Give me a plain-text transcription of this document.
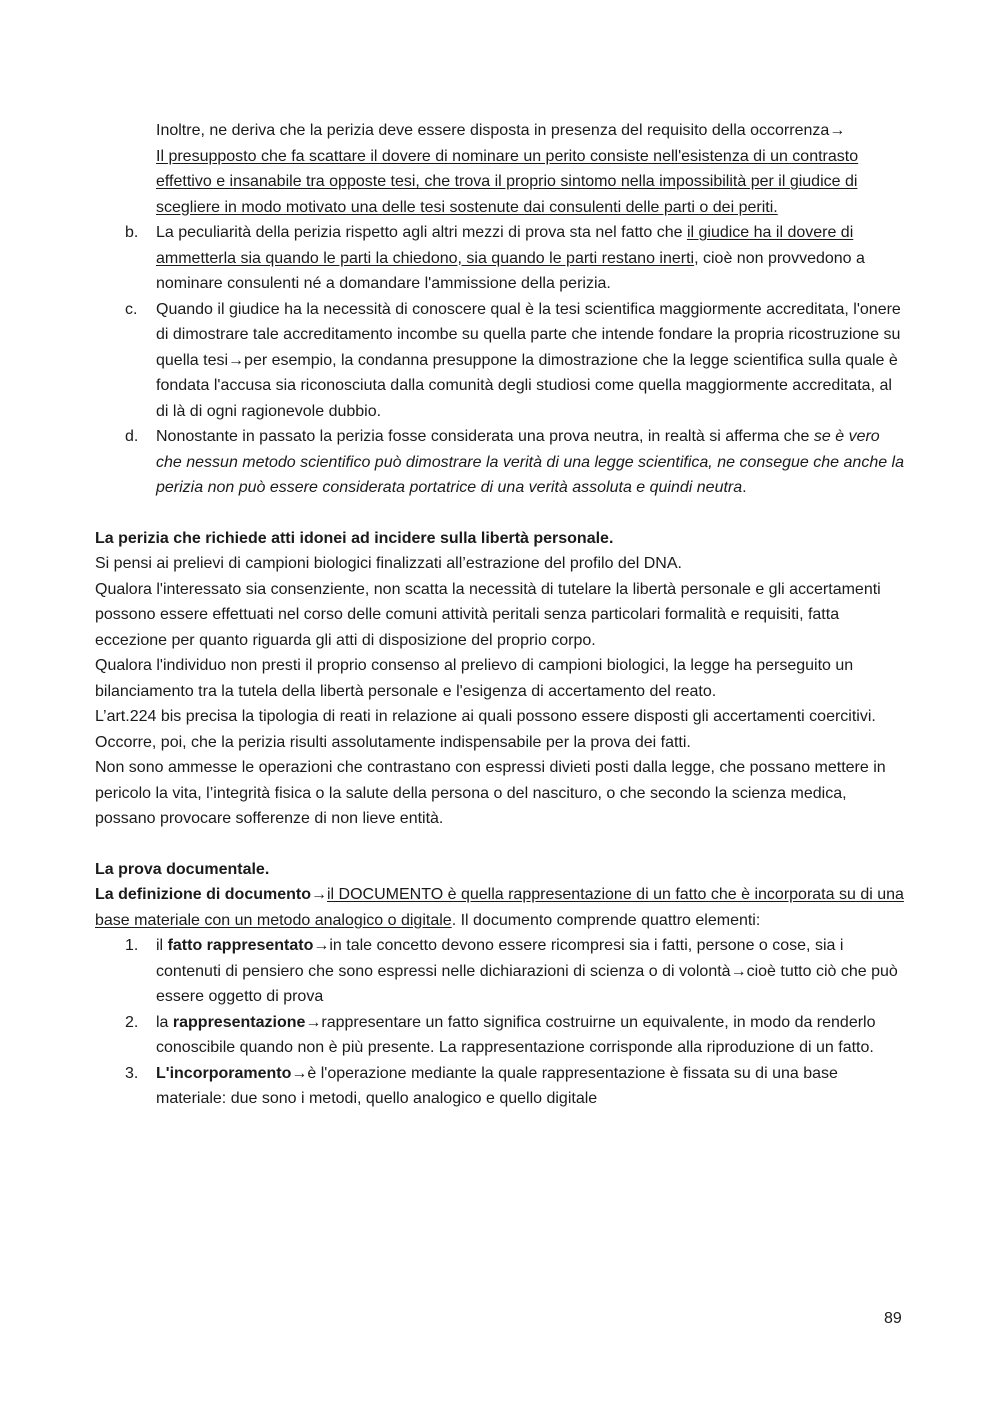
Inoltre, ne deriva che la perizia deve essere disposta in presenza del requisito della occorrenza→
Il presupposto che fa scattare il dovere di nominare un perito consiste nell'esistenza di un contrasto effettivo e insanabile tra opposte tesi, che trova il proprio sintomo nella impossibilità per il giudice di scegliere in modo motivato una delle tesi sostenute dai consulenti delle parti o dei periti.
b.	La peculiarità della perizia rispetto agli altri mezzi di prova sta nel fatto che il giudice ha il dovere di ammetterla sia quando le parti la chiedono, sia quando le parti restano inerti, cioè non provvedono a nominare consulenti né a domandare l'ammissione della perizia.
c.	Quando il giudice ha la necessità di conoscere qual è la tesi scientifica maggiormente accreditata, l'onere di dimostrare tale accreditamento incombe su quella parte che intende fondare la propria ricostruzione su quella tesi→per esempio, la condanna presuppone la dimostrazione che la legge scientifica sulla quale è fondata l'accusa sia riconosciuta dalla comunità degli studiosi come quella maggiormente accreditata, al di là di ogni ragionevole dubbio.
d.	Nonostante in passato la perizia fosse considerata una prova neutra, in realtà si afferma che se è vero che nessun metodo scientifico può dimostrare la verità di una legge scientifica, ne consegue che anche la perizia non può essere considerata portatrice di una verità assoluta e quindi neutra.
La perizia che richiede atti idonei ad incidere sulla libertà personale.
Si pensi ai prelievi di campioni biologici finalizzati all’estrazione del profilo del DNA.
Qualora l'interessato sia consenziente, non scatta la necessità di tutelare la libertà personale e gli accertamenti possono essere effettuati nel corso delle comuni attività peritali senza particolari formalità e requisiti, fatta eccezione per quanto riguarda gli atti di disposizione del proprio corpo.
Qualora l'individuo non presti il proprio consenso al prelievo di campioni biologici, la legge ha perseguito un bilanciamento tra la tutela della libertà personale e l'esigenza di accertamento del reato.
L’art.224 bis precisa la tipologia di reati in relazione ai quali possono essere disposti gli accertamenti coercitivi. Occorre, poi, che la perizia risulti assolutamente indispensabile per la prova dei fatti.
Non sono ammesse le operazioni che contrastano con espressi divieti posti dalla legge, che possano mettere in pericolo la vita, l’integrità fisica o la salute della persona o del nascituro, o che secondo la scienza medica, possano provocare sofferenze di non lieve entità.
La prova documentale.
La definizione di documento→il DOCUMENTO è quella rappresentazione di un fatto che è incorporata su di una base materiale con un metodo analogico o digitale. Il documento comprende quattro elementi:
1.	il fatto rappresentato→in tale concetto devono essere ricompresi sia i fatti, persone o cose, sia i contenuti di pensiero che sono espressi nelle dichiarazioni di scienza o di volontà→cioè tutto ciò che può essere oggetto di prova
2.	la rappresentazione→rappresentare un fatto significa costruirne un equivalente, in modo da renderlo conoscibile quando non è più presente. La rappresentazione corrisponde alla riproduzione di un fatto.
3.	L'incorporamento→è l'operazione mediante la quale rappresentazione è fissata su di una base materiale: due sono i metodi, quello analogico e quello digitale
89
